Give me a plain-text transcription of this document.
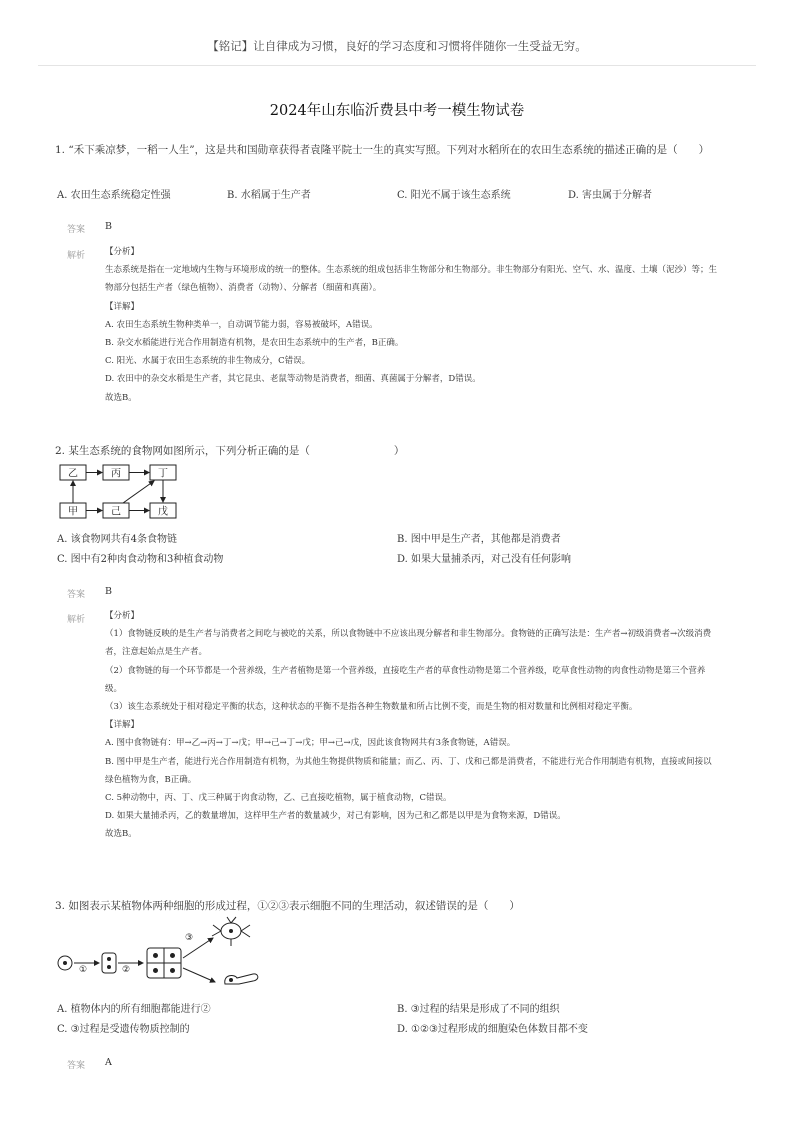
【铭记】让自律成为习惯，良好的学习态度和习惯将伴随你一生受益无穷。
2024年山东临沂费县中考一模生物试卷
1. “禾下乘凉梦，一稻一人生”，这是共和国勋章获得者袁隆平院士一生的真实写照。下列对水稻所在的农田生态系统的描述正确的是（　　）
A. 农田生态系统稳定性强	B. 水稻属于生产者	C. 阳光不属于该生态系统	D. 害虫属于分解者
答案 B
解析 【分析】

生态系统是指在一定地域内生物与环境形成的统一的整体。生态系统的组成包括非生物部分和生物部分。非生物部分有阳光、空气、水、温度、土壤（泥沙）等；生物部分包括生产者（绿色植物）、消费者（动物）、分解者（细菌和真菌）。

【详解】

A. 农田生态系统生物种类单一，自动调节能力弱，容易被破坏，A错误。

B. 杂交水稻能进行光合作用制造有机物，是农田生态系统中的生产者，B正确。

C. 阳光、水属于农田生态系统的非生物成分，C错误。

D. 农田中的杂交水稻是生产者，其它昆虫、老鼠等动物是消费者，细菌、真菌属于分解者，D错误。

故选B。

2. 某生态系统的食物网如图所示，下列分析正确的是（　　　　　　　　）
乙	丙	丁
甲	己	戊
A. 该食物网共有4条食物链	B. 图中甲是生产者，其他都是消费者
C. 图中有2种肉食动物和3种植食动物	D. 如果大量捕杀丙，对己没有任何影响
答案 B
解析 【分析】

（1）食物链反映的是生产者与消费者之间吃与被吃的关系，所以食物链中不应该出现分解者和非生物部分。食物链的正确写法是：生产者→初级消费者→次级消费者，注意起始点是生产者。

（2）食物链的每一个环节都是一个营养级，生产者植物是第一个营养级，直接吃生产者的草食性动物是第二个营养级，吃草食性动物的肉食性动物是第三个营养级。

（3）该生态系统处于相对稳定平衡的状态，这种状态的平衡不是指各种生物数量和所占比例不变，而是生物的相对数量和比例相对稳定平衡。

【详解】

A. 图中食物链有：甲→乙→丙→丁→戊；甲→己→丁→戊；甲→己→戊，因此该食物网共有3条食物链，A错误。

B. 图中甲是生产者，能进行光合作用制造有机物，为其他生物提供物质和能量；而乙、丙、丁、戊和己都是消费者，不能进行光合作用制造有机物，直接或间接以绿色植物为食，B正确。

C. 5种动物中，丙、丁、戊三种属于肉食动物，乙、己直接吃植物，属于植食动物，C错误。

D. 如果大量捕杀丙，乙的数量增加，这样甲生产者的数量减少，对己有影响，因为己和乙都是以甲是为食物来源，D错误。

故选B。

3. 如图表示某植物体两种细胞的形成过程，①②③表示细胞不同的生理活动，叙述错误的是（　　）
①	②
③
A. 植物体内的所有细胞都能进行②	B. ③过程的结果是形成了不同的组织
C. ③过程是受遗传物质控制的	D. ①②③过程形成的细胞染色体数目都不变
答案 A
